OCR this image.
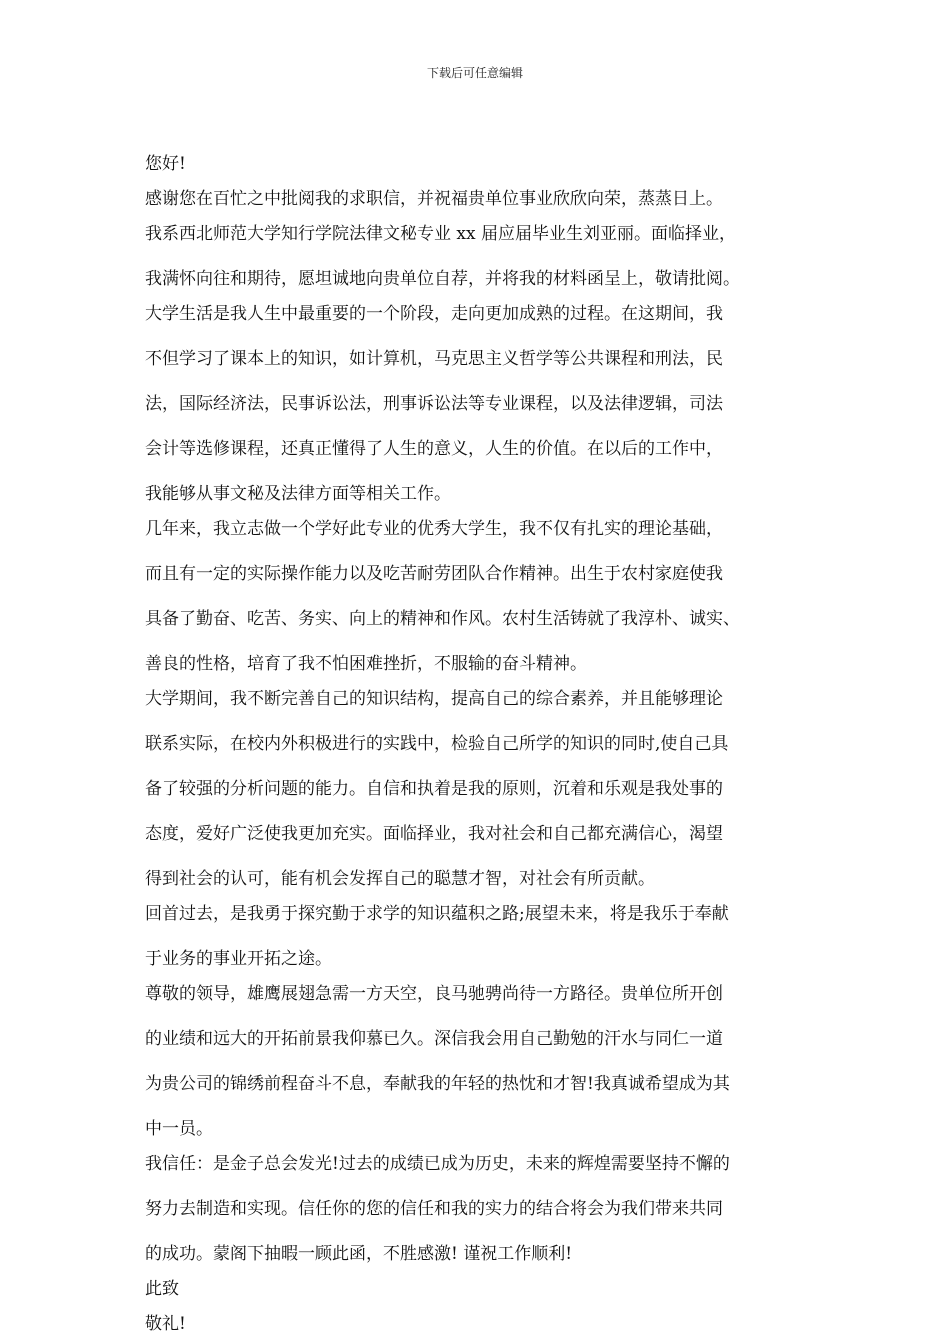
下载后可任意编辑
您好!
感谢您在百忙之中批阅我的求职信，并祝福贵单位事业欣欣向荣，蒸蒸日上。
我系西北师范大学知行学院法律文秘专业 xx 届应届毕业生刘亚丽。面临择业，
我满怀向往和期待，愿坦诚地向贵单位自荐，并将我的材料函呈上，敬请批阅。
大学生活是我人生中最重要的一个阶段，走向更加成熟的过程。在这期间，我
不但学习了课本上的知识，如计算机，马克思主义哲学等公共课程和刑法，民
法，国际经济法，民事诉讼法，刑事诉讼法等专业课程，以及法律逻辑，司法
会计等选修课程，还真正懂得了人生的意义，人生的价值。在以后的工作中，
我能够从事文秘及法律方面等相关工作。
几年来，我立志做一个学好此专业的优秀大学生，我不仅有扎实的理论基础，
而且有一定的实际操作能力以及吃苦耐劳团队合作精神。出生于农村家庭使我
具备了勤奋、吃苦、务实、向上的精神和作风。农村生活铸就了我淳朴、诚实、
善良的性格，培育了我不怕困难挫折，不服输的奋斗精神。
大学期间，我不断完善自己的知识结构，提高自己的综合素养，并且能够理论
联系实际，在校内外积极进行的实践中，检验自己所学的知识的同时,使自己具
备了较强的分析问题的能力。自信和执着是我的原则，沉着和乐观是我处事的
态度，爱好广泛使我更加充实。面临择业，我对社会和自己都充满信心，渴望
得到社会的认可，能有机会发挥自己的聪慧才智，对社会有所贡献。
回首过去，是我勇于探究勤于求学的知识蕴积之路;展望未来，将是我乐于奉献
于业务的事业开拓之途。
尊敬的领导，雄鹰展翅急需一方天空，良马驰骋尚待一方路径。贵单位所开创
的业绩和远大的开拓前景我仰慕已久。深信我会用自己勤勉的汗水与同仁一道
为贵公司的锦绣前程奋斗不息，奉献我的年轻的热忱和才智!我真诚希望成为其
中一员。
我信任：是金子总会发光!过去的成绩已成为历史，未来的辉煌需要坚持不懈的
努力去制造和实现。信任你的您的信任和我的实力的结合将会为我们带来共同
的成功。蒙阁下抽暇一顾此函，不胜感激! 谨祝工作顺利!
此致
敬礼!
